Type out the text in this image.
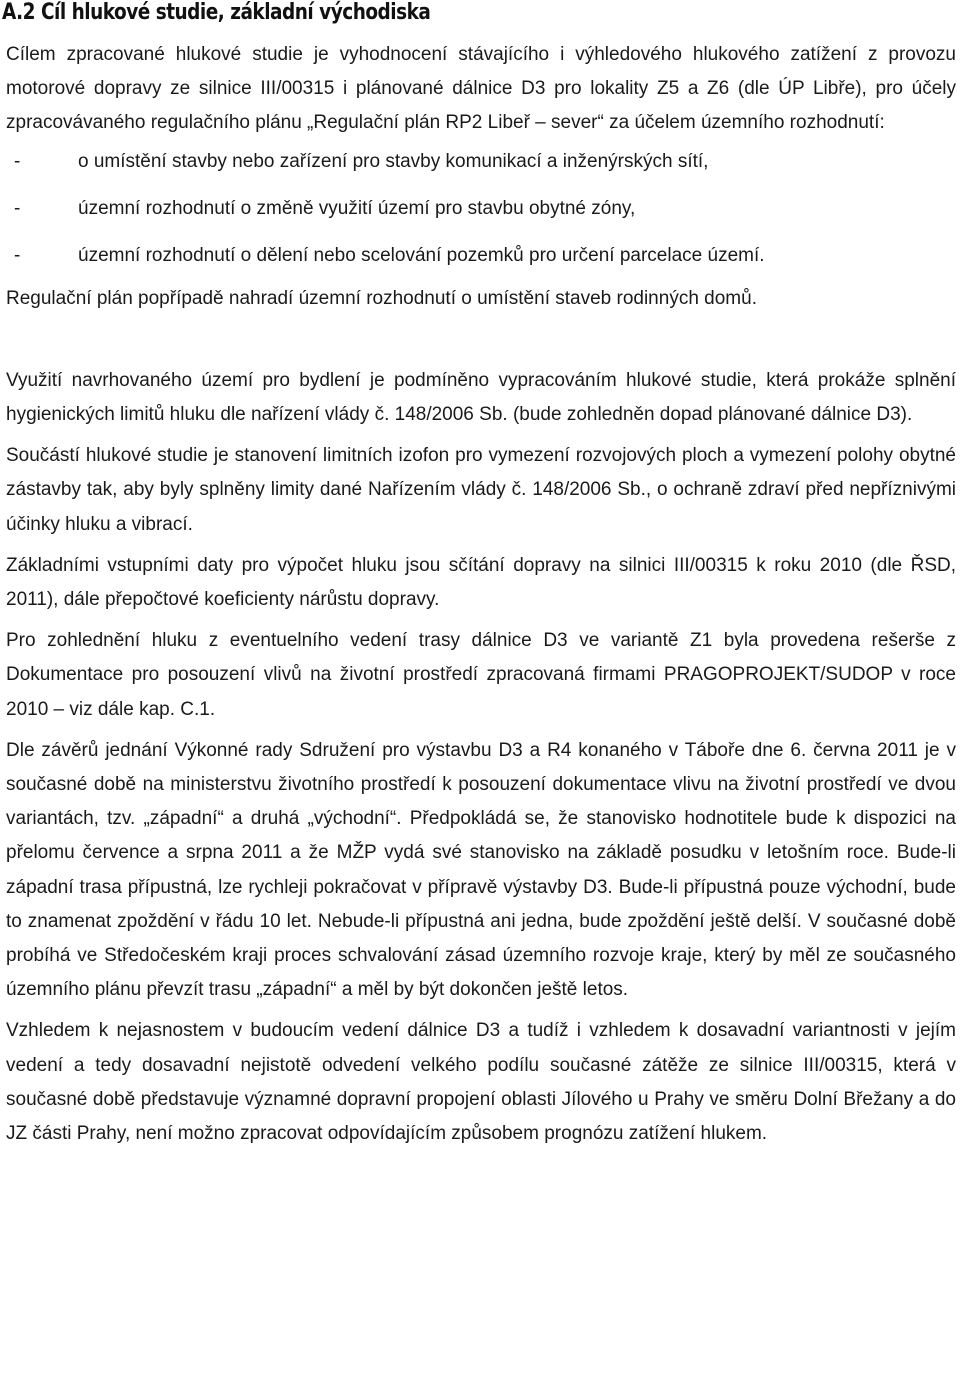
A.2 Cíl hlukové studie, základní východiska

Cílem zpracované hlukové studie je vyhodnocení stávajícího i výhledového hlukového zatížení z provozu motorové dopravy ze silnice III/00315 i plánované dálnice D3 pro lokality Z5 a Z6 (dle ÚP Libře), pro účely zpracovávaného regulačního plánu „Regulační plán RP2 Libeř – sever“ za účelem územního rozhodnutí:

-	o umístění stavby nebo zařízení pro stavby komunikací a inženýrských sítí,
-	územní rozhodnutí o změně využití území pro stavbu obytné zóny,
-	územní rozhodnutí o dělení nebo scelování pozemků pro určení parcelace území.

Regulační plán popřípadě nahradí územní rozhodnutí o umístění staveb rodinných domů.

Využití navrhovaného území pro bydlení je podmíněno vypracováním hlukové studie, která prokáže splnění hygienických limitů hluku dle nařízení vlády č. 148/2006 Sb. (bude zohledněn dopad plánované dálnice D3).

Součástí hlukové studie je stanovení limitních izofon pro vymezení rozvojových ploch a vymezení polohy obytné zástavby tak, aby byly splněny limity dané Nařízením vlády č. 148/2006 Sb., o ochraně zdraví před nepříznivými účinky hluku a vibrací.

Základními vstupními daty pro výpočet hluku jsou sčítání dopravy na silnici III/00315 k roku 2010 (dle ŘSD, 2011), dále přepočtové koeficienty nárůstu dopravy.

Pro zohlednění hluku z eventuelního vedení trasy dálnice D3 ve variantě Z1 byla provedena rešerše z Dokumentace pro posouzení vlivů na životní prostředí zpracovaná firmami PRAGOPROJEKT/SUDOP v roce 2010 – viz dále kap. C.1.

Dle závěrů jednání Výkonné rady Sdružení pro výstavbu D3 a R4 konaného v Táboře dne 6. června 2011 je v současné době na ministerstvu životního prostředí k posouzení dokumentace vlivu na životní prostředí ve dvou variantách, tzv. „západní“ a druhá „východní“. Předpokládá se, že stanovisko hodnotitele bude k dispozici na přelomu července a srpna 2011 a že MŽP vydá své stanovisko na základě posudku v letošním roce. Bude-li západní trasa přípustná, lze rychleji pokračovat v přípravě výstavby D3. Bude-li přípustná pouze východní, bude to znamenat zpoždění v řádu 10 let. Nebude-li přípustná ani jedna, bude zpoždění ještě delší. V současné době probíhá ve Středočeském kraji proces schvalování zásad územního rozvoje kraje, který by měl ze současného územního plánu převzít trasu „západní“ a měl by být dokončen ještě letos.

Vzhledem k nejasnostem v budoucím vedení dálnice D3 a tudíž i vzhledem k dosavadní variantnosti v jejím vedení a tedy dosavadní nejistotě odvedení velkého podílu současné zátěže ze silnice III/00315, která v současné době představuje významné dopravní propojení oblasti Jílového u Prahy ve směru Dolní Břežany a do JZ části Prahy, není možno zpracovat odpovídajícím způsobem prognózu zatížení hlukem.
